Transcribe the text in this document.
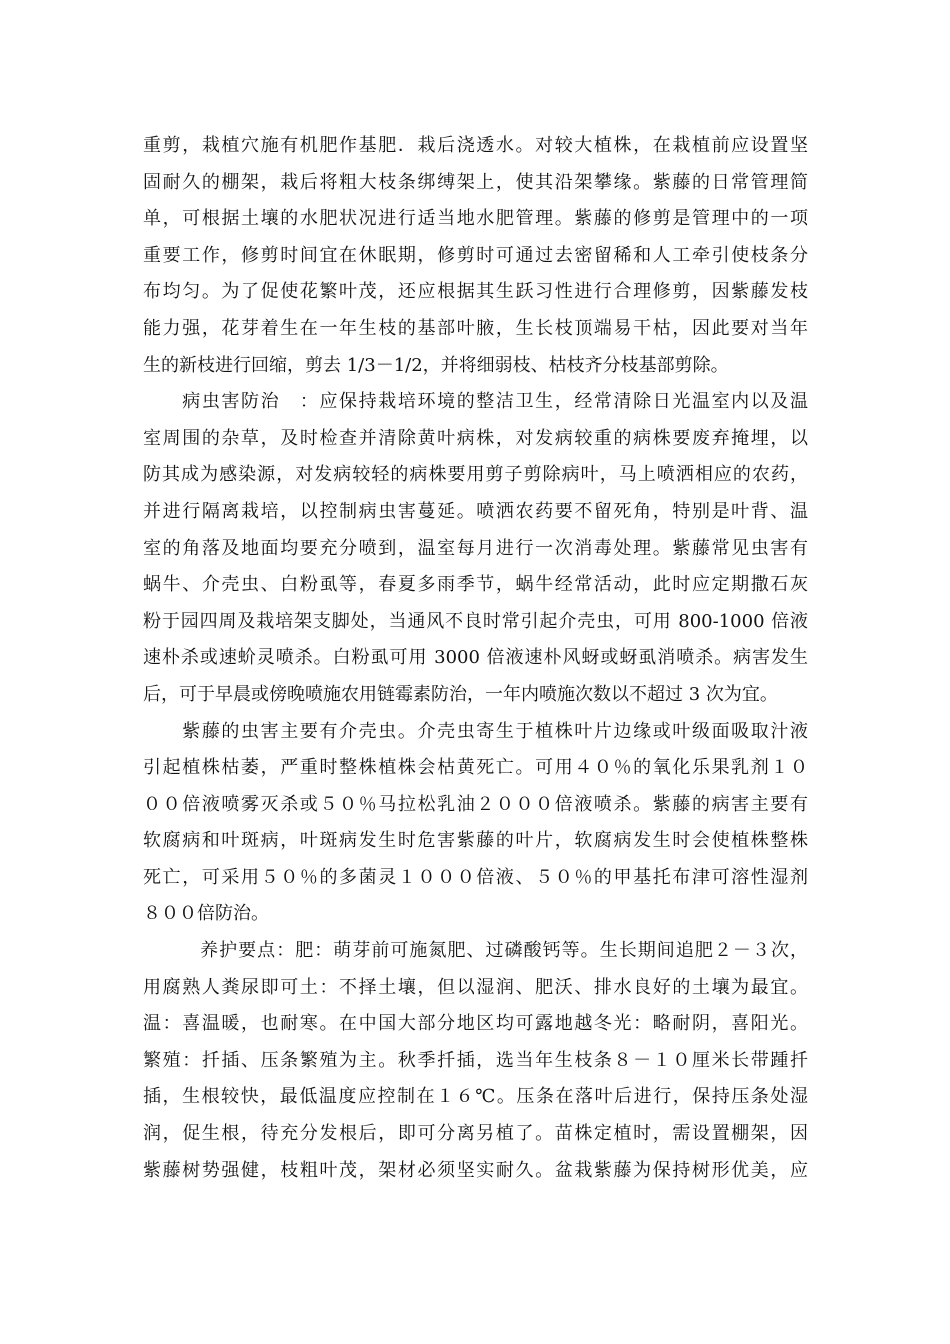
重剪，栽植穴施有机肥作基肥．栽后浇透水。对较大植株，在栽植前应设置坚
固耐久的棚架，栽后将粗大枝条绑缚架上，使其沿架攀缘。紫藤的日常管理简
单，可根据土壤的水肥状况进行适当地水肥管理。紫藤的修剪是管理中的一项
重要工作，修剪时间宜在休眠期，修剪时可通过去密留稀和人工牵引使枝条分
布均匀。为了促使花繁叶茂，还应根据其生跃习性进行合理修剪，因紫藤发枝
能力强，花芽着生在一年生枝的基部叶腋，生长枝顶端易干枯，因此要对当年
生的新枝进行回缩，剪去 1/3－1/2，并将细弱枝、枯枝齐分枝基部剪除。
　　病虫害防治　：应保持栽培环境的整洁卫生，经常清除日光温室内以及温
室周围的杂草，及时检查并清除黄叶病株，对发病较重的病株要废弃掩埋，以
防其成为感染源，对发病较轻的病株要用剪子剪除病叶，马上喷洒相应的农药，
并进行隔离栽培，以控制病虫害蔓延。喷洒农药要不留死角，特别是叶背、温
室的角落及地面均要充分喷到，温室每月进行一次消毒处理。紫藤常见虫害有
蜗牛、介壳虫、白粉虱等，春夏多雨季节，蜗牛经常活动，此时应定期撒石灰
粉于园四周及栽培架支脚处，当通风不良时常引起介壳虫，可用 800-1000 倍液
速朴杀或速蚧灵喷杀。白粉虱可用 3000 倍液速朴风蚜或蚜虱消喷杀。病害发生
后，可于早晨或傍晚喷施农用链霉素防治，一年内喷施次数以不超过 3 次为宜。
　　紫藤的虫害主要有介壳虫。介壳虫寄生于植株叶片边缘或叶级面吸取汁液
引起植株枯萎，严重时整株植株会枯黄死亡。可用４０％的氧化乐果乳剂１０
００倍液喷雾灭杀或５０％马拉松乳油２０００倍液喷杀。紫藤的病害主要有
软腐病和叶斑病，叶斑病发生时危害紫藤的叶片，软腐病发生时会使植株整株
死亡，可采用５０％的多菌灵１０００倍液、５０％的甲基托布津可溶性湿剂
８００倍防治。
　　　养护要点：肥：萌芽前可施氮肥、过磷酸钙等。生长期间追肥２－３次，
用腐熟人粪尿即可土：不择土壤，但以湿润、肥沃、排水良好的土壤为最宜。
温：喜温暖，也耐寒。在中国大部分地区均可露地越冬光：略耐阴，喜阳光。
繁殖：扦插、压条繁殖为主。秋季扦插，选当年生枝条８－１０厘米长带踵扦
插，生根较快，最低温度应控制在１６℃。压条在落叶后进行，保持压条处湿
润，促生根，待充分发根后，即可分离另植了。苗株定植时，需设置棚架，因
紫藤树势强健，枝粗叶茂，架材必须坚实耐久。盆栽紫藤为保持树形优美，应
